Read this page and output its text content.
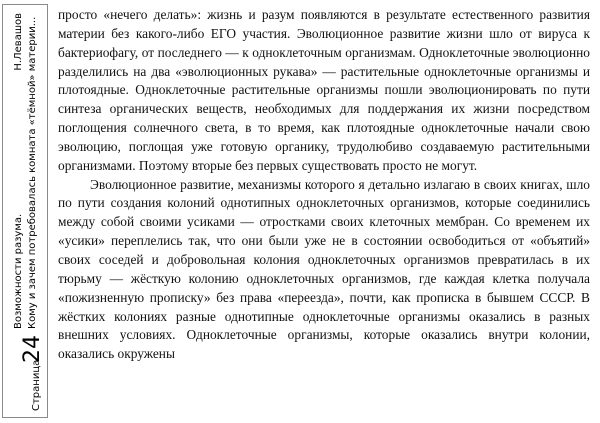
Страница
24
Возможности разума. Кому и зачем потребовалась комната «тёмной» материи...
Н.Левашов	просто «нечего делать»: жизнь и разум появляются в результате естественного развития материи без какого-либо ЕГО участия. Эволюционное развитие жизни шло от вируса к бактериофагу, от последнего — к одноклеточным организмам. Одноклеточные эволюционно разделились на два «эволюционных рукава» — растительные одноклеточные организмы и плотоядные. Одноклеточные растительные организмы пошли эволюционировать по пути синтеза органических веществ, необходимых для поддержания их жизни посредством поглощения солнечного света, в то время, как плотоядные одноклеточные начали свою эволюцию, поглощая уже готовую органику, трудолюбиво создаваемую растительными организмами. Поэтому вторые без первых существовать просто не могут.

Эволюционное развитие, механизмы которого я детально излагаю в своих книгах, шло по пути создания колоний однотипных одноклеточных организмов, которые соединились между собой своими усиками — отростками своих клеточных мембран. Со временем их «усики» переплелись так, что они были уже не в состоянии освободиться от «объятий» своих соседей и добровольная колония одноклеточных организмов превратилась в их тюрьму — жёсткую колонию одноклеточных организмов, где каждая клетка получала «пожизненную прописку» без права «переезда», почти, как прописка в бывшем СССР. В жёстких колониях разные однотипные одноклеточные организмы оказались в разных внешних условиях. Одноклеточные организмы, которые оказались внутри колонии, оказались окружены
